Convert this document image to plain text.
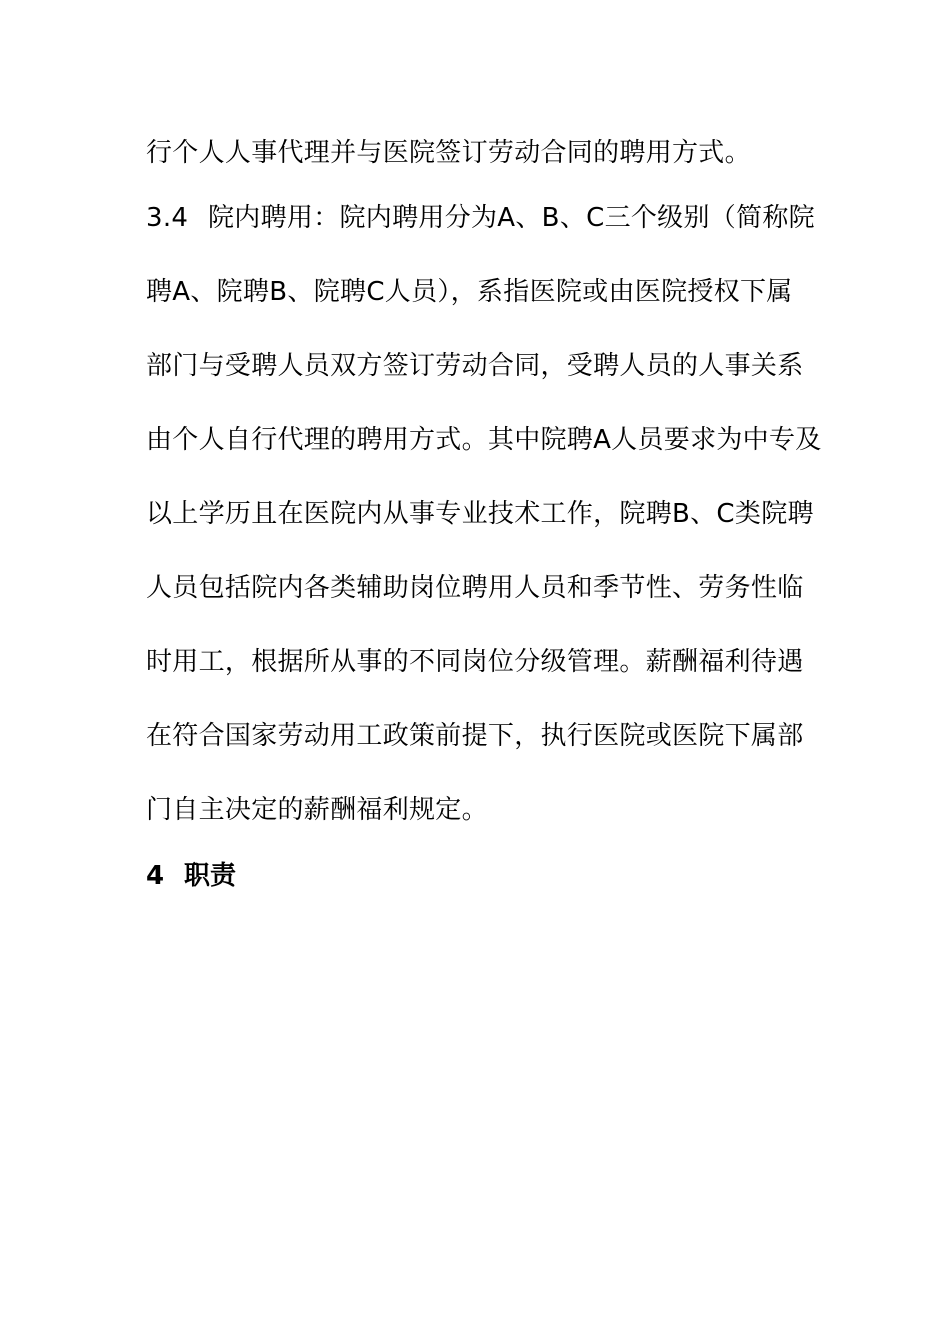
行个人人事代理并与医院签订劳动合同的聘用方式。
3.4 院内聘用：院内聘用分为A、B、C三个级别（简称院
聘A、院聘B、院聘C人员），系指医院或由医院授权下属
部门与受聘人员双方签订劳动合同，受聘人员的人事关系
由个人自行代理的聘用方式。其中院聘A人员要求为中专及
以上学历且在医院内从事专业技术工作，院聘B、C类院聘
人员包括院内各类辅助岗位聘用人员和季节性、劳务性临
时用工，根据所从事的不同岗位分级管理。薪酬福利待遇
在符合国家劳动用工政策前提下，执行医院或医院下属部
门自主决定的薪酬福利规定。
4 职责
